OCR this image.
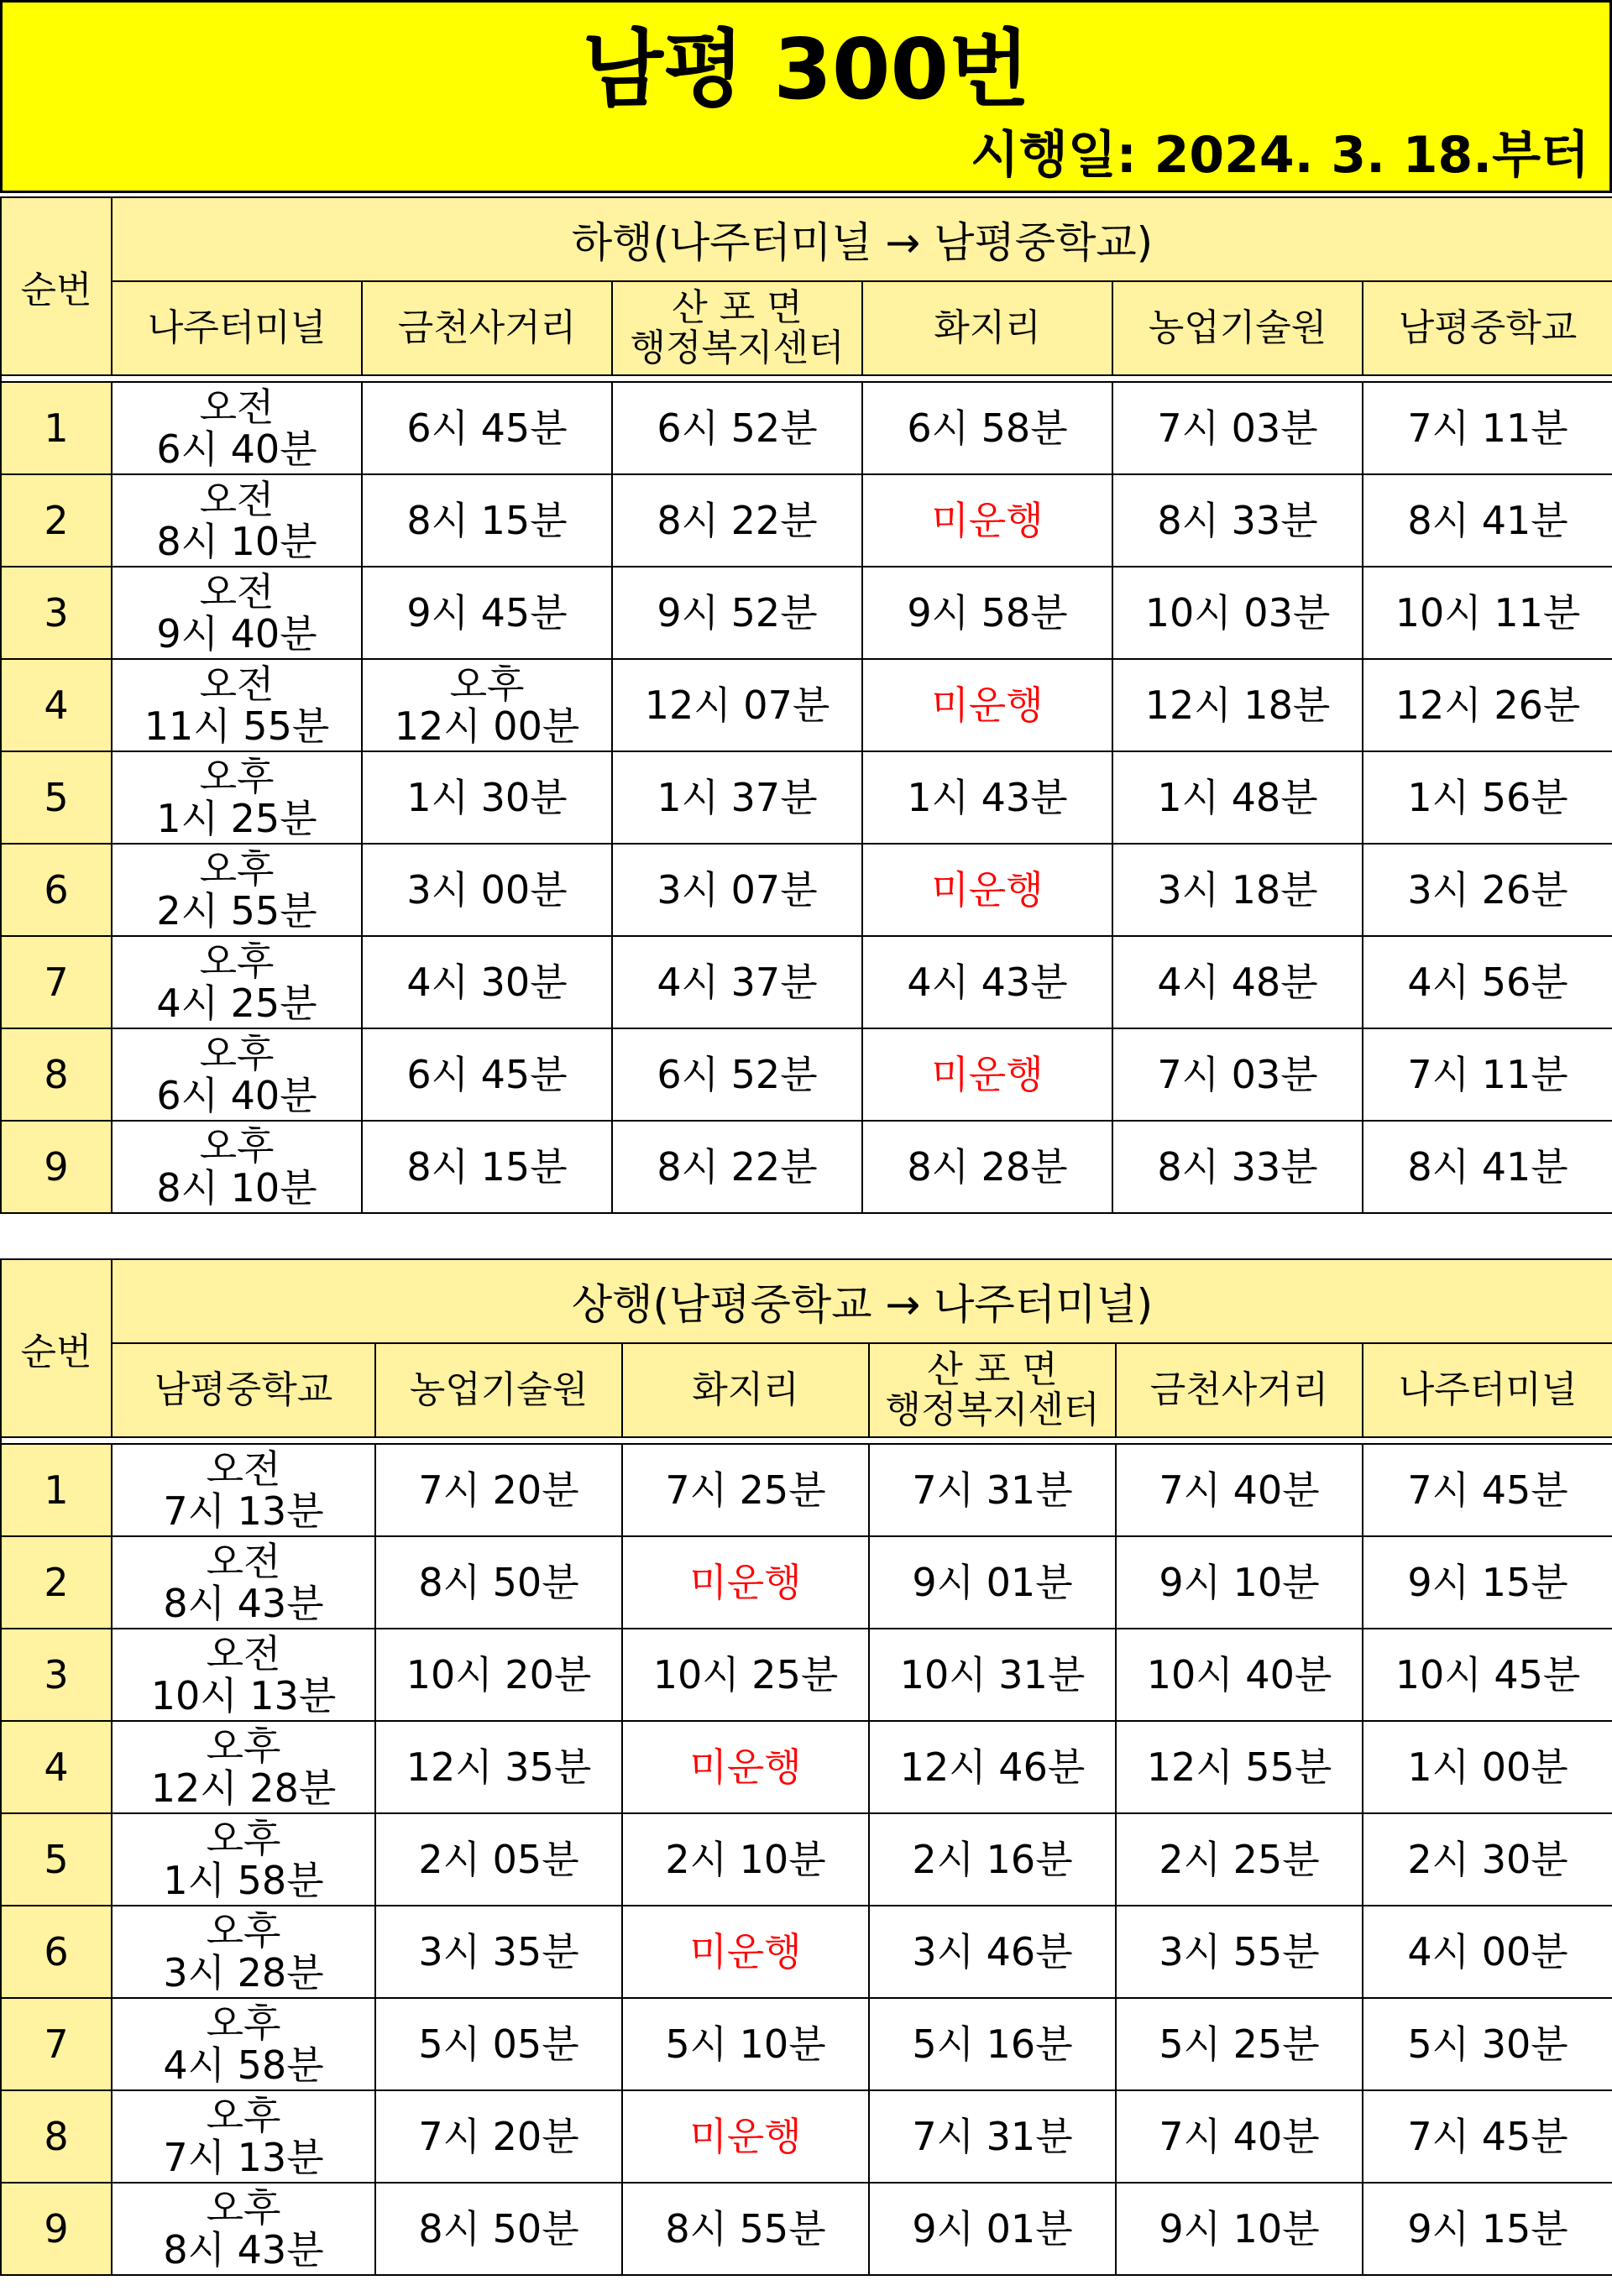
남평 300번
시행일: 2024. 3. 18.부터
순번	하행(나주터미널 → 남평중학교)					

	나주터미널	금천사거리	산 포 면
행정복지센터	화지리	농업기술원	남평중학교

1	오전
6시 40분	6시 45분	6시 52분	6시 58분	7시 03분	7시 11분
2	오전
8시 10분	8시 15분	8시 22분	미운행	8시 33분	8시 41분
3	오전
9시 40분	9시 45분	9시 52분	9시 58분	10시 03분	10시 11분
4	오전
11시 55분	오후
12시 00분	12시 07분	미운행	12시 18분	12시 26분
5	오후
1시 25분	1시 30분	1시 37분	1시 43분	1시 48분	1시 56분
6	오후
2시 55분	3시 00분	3시 07분	미운행	3시 18분	3시 26분
7	오후
4시 25분	4시 30분	4시 37분	4시 43분	4시 48분	4시 56분
8	오후
6시 40분	6시 45분	6시 52분	미운행	7시 03분	7시 11분
9	오후
8시 10분	8시 15분	8시 22분	8시 28분	8시 33분	8시 41분
순번	상행(남평중학교 → 나주터미널)					

	남평중학교	농업기술원	화지리	산 포 면
행정복지센터	금천사거리	나주터미널

1	오전
7시 13분	7시 20분	7시 25분	7시 31분	7시 40분	7시 45분
2	오전
8시 43분	8시 50분	미운행	9시 01분	9시 10분	9시 15분
3	오전
10시 13분	10시 20분	10시 25분	10시 31분	10시 40분	10시 45분
4	오후
12시 28분	12시 35분	미운행	12시 46분	12시 55분	1시 00분
5	오후
1시 58분	2시 05분	2시 10분	2시 16분	2시 25분	2시 30분
6	오후
3시 28분	3시 35분	미운행	3시 46분	3시 55분	4시 00분
7	오후
4시 58분	5시 05분	5시 10분	5시 16분	5시 25분	5시 30분
8	오후
7시 13분	7시 20분	미운행	7시 31분	7시 40분	7시 45분
9	오후
8시 43분	8시 50분	8시 55분	9시 01분	9시 10분	9시 15분
